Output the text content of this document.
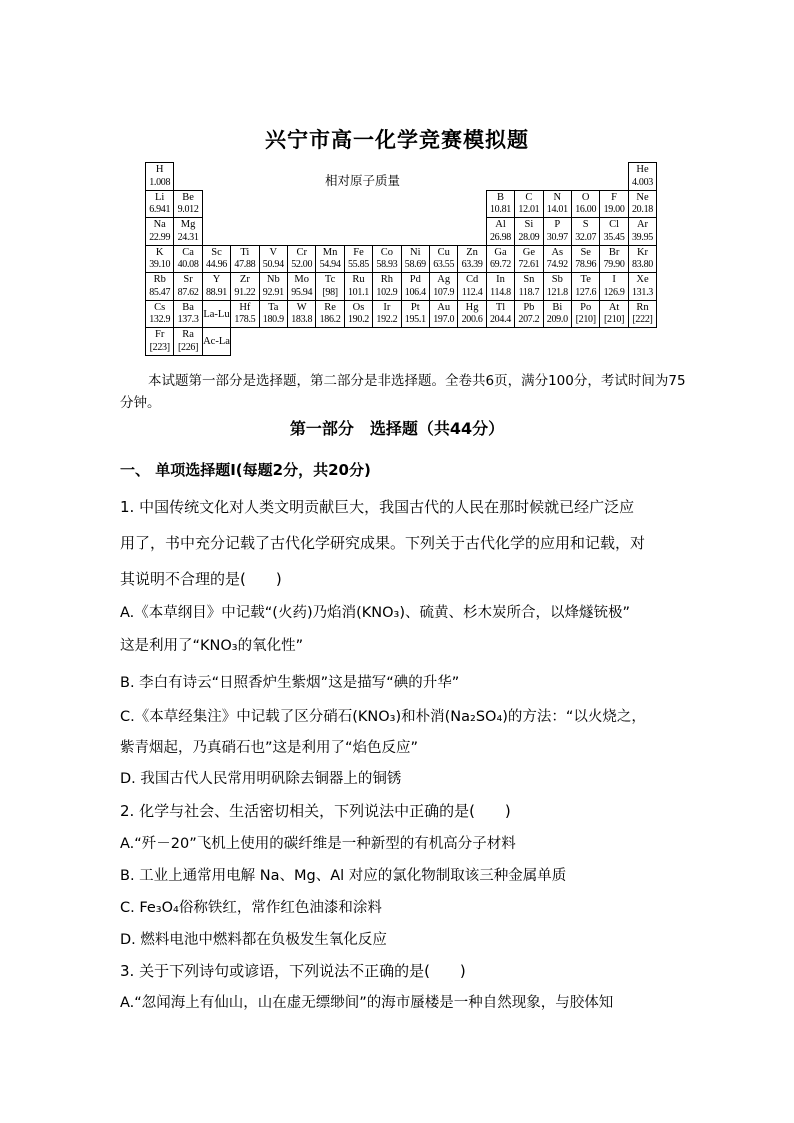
兴宁市高一化学竞赛模拟题
相对原子质量
H
1.008
He
4.003
Li
6.941
Be
9.012
B
10.81
C
12.01
N
14.01
O
16.00
F
19.00
Ne
20.18
Na
22.99
Mg
24.31
Al
26.98
Si
28.09
P
30.97
S
32.07
Cl
35.45
Ar
39.95
K
39.10
Ca
40.08
Sc
44.96
Ti
47.88
V
50.94
Cr
52.00
Mn
54.94
Fe
55.85
Co
58.93
Ni
58.69
Cu
63.55
Zn
63.39
Ga
69.72
Ge
72.61
As
74.92
Se
78.96
Br
79.90
Kr
83.80
Rb
85.47
Sr
87.62
Y
88.91
Zr
91.22
Nb
92.91
Mo
95.94
Tc
[98]
Ru
101.1
Rh
102.9
Pd
106.4
Ag
107.9
Cd
112.4
In
114.8
Sn
118.7
Sb
121.8
Te
127.6
I
126.9
Xe
131.3
Cs
132.9
Ba
137.3 La-Lu
Hf
178.5
Ta
180.9
W
183.8
Re
186.2
Os
190.2
Ir
192.2
Pt
195.1
Au
197.0
Hg
200.6
Tl
204.4
Pb
207.2
Bi
209.0
Po
[210]
At
[210]
Rn
[222]
Fr
[223]
Ra
[226] Ac-La
本试题第一部分是选择题，第二部分是非选择题。全卷共6页，满分100分，考试时间为75分钟。
第一部分　选择题（共44分）
一、 单项选择题Ⅰ(每题2分，共20分)
1. 中国传统文化对人类文明贡献巨大，我国古代的人民在那时候就已经广泛应
用了，书中充分记载了古代化学研究成果。下列关于古代化学的应用和记载，对
其说明不合理的是(　　)
A.《本草纲目》中记载“(火药)乃焰消(KNO₃)、硫黄、杉木炭所合，以烽燧铳极”
这是利用了“KNO₃的氧化性”
B. 李白有诗云“日照香炉生紫烟”这是描写“碘的升华”
C.《本草经集注》中记载了区分硝石(KNO₃)和朴消(Na₂SO₄)的方法：“以火烧之，
紫青烟起，乃真硝石也”这是利用了“焰色反应”
D. 我国古代人民常用明矾除去铜器上的铜锈
2. 化学与社会、生活密切相关，下列说法中正确的是(　　)
A.“歼－20”飞机上使用的碳纤维是一种新型的有机高分子材料
B. 工业上通常用电解 Na、Mg、Al 对应的氯化物制取该三种金属单质
C. Fe₃O₄俗称铁红，常作红色油漆和涂料
D. 燃料电池中燃料都在负极发生氧化反应
3. 关于下列诗句或谚语，下列说法不正确的是(　　)
A.“忽闻海上有仙山，山在虚无缥缈间”的海市蜃楼是一种自然现象，与胶体知
